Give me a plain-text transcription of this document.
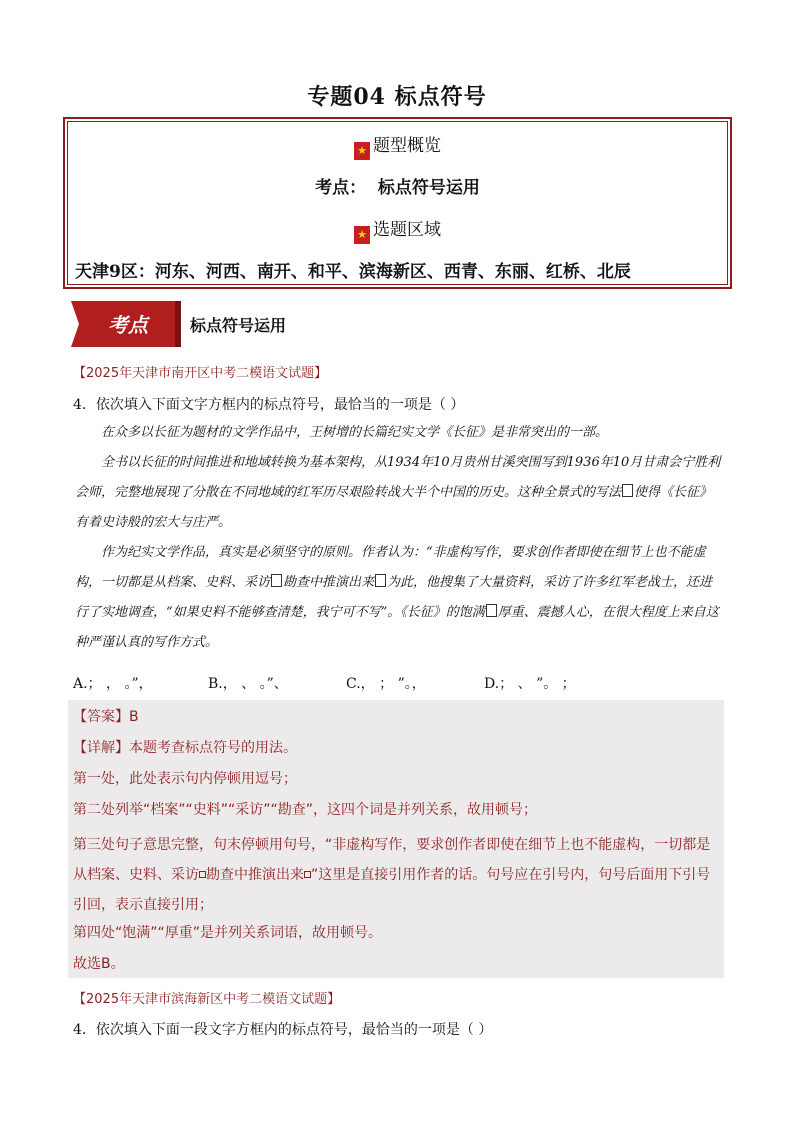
专题04 标点符号
★ 题型概览
考点： 标点符号运用
★ 选题区域
天津9区：河东、河西、南开、和平、滨海新区、西青、东丽、红桥、北辰
考点	标点符号运用
【2025年天津市南开区中考二模语文试题】
4．依次填入下面文字方框内的标点符号，最恰当的一项是（ ）

在众多以长征为题材的文学作品中，王树增的长篇纪实文学《长征》是非常突出的一部。

全书以长征的时间推进和地域转换为基本架构，从1934年10月贵州甘溪突围写到1936年10月甘肃会宁胜利会师，完整地展现了分散在不同地域的红军历尽艰险转战大半个中国的历史。这种全景式的写法 使得《长征》有着史诗般的宏大与庄严。

作为纪实文学作品，真实是必须坚守的原则。作者认为：“非虚构写作，要求创作者即使在细节上也不能虚构，一切都是从档案、史料、采访 勘查中推演出来 为此，他搜集了大量资料，采访了许多红军老战士，还进行了实地调查，“如果史料不能够查清楚，我宁可不写”。《长征》的饱满 厚重、震撼人心，在很大程度上来自这种严谨认真的写作方式。

A.； ， 。”，	B.， 、 。”、	C.， ； ”。，	D.； 、 ”。 ；
【答案】B
【详解】本题考查标点符号的用法。
第一处，此处表示句内停顿用逗号；
第二处列举“档案”“史料”“采访”“勘查”，这四个词是并列关系，故用顿号；
第三处句子意思完整，句末停顿用句号，“非虚构写作，要求创作者即使在细节上也不能虚构，一切都是从档案、史料、采访 勘查中推演出来 ”这里是直接引用作者的话。句号应在引号内，句号后面用下引号引回，表示直接引用；
第四处“饱满”“厚重”是并列关系词语，故用顿号。
故选B。
【2025年天津市滨海新区中考二模语文试题】
4．依次填入下面一段文字方框内的标点符号，最恰当的一项是（ ）
